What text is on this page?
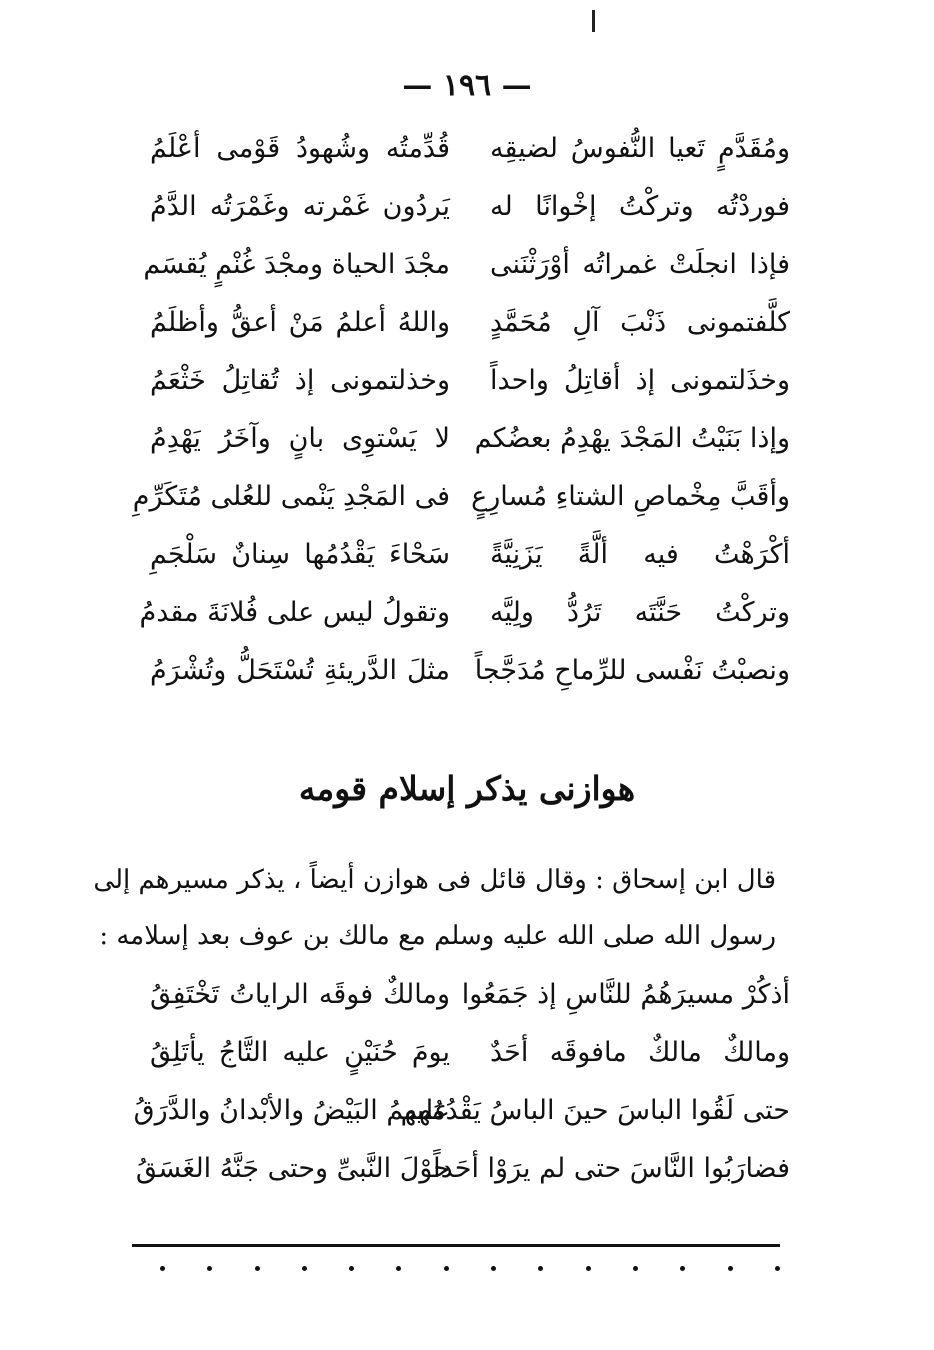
— ١٩٦ —
ومُقَدَّمٍ تَعيا النُّفوسُ لضيقِه
قُدِّمتُه وشُهودُ قَوْمى أعْلَمُ
فوردْتُه وتركْتُ إخْوانًا له
يَردُون غَمْرته وغَمْرَتُه الدَّمُ
فإذا انجلَتْ غمراتُه أوْرَثْنَنى
مجْدَ الحياة ومجْدَ غُنْمٍ يُقسَم
كلَّفتمونى ذَنْبَ آلِ مُحَمَّدٍ
واللهُ أعلمُ مَنْ أعقُّ وأظلَمُ
وخذَلتمونى إذ أقاتِلُ واحداً
وخذلتمونى إذ تُقاتِلُ خَثْعَمُ
وإذا بَنَيْتُ المَجْدَ يهْدِمُ بعضُكم
لا يَسْتوِى بانٍ وآخَرُ يَهْدِمُ
وأقَبَّ مِخْماصِ الشتاءِ مُسارِعٍ
فى المَجْدِ يَنْمى للعُلى مُتَكَرِّمِ
أكْرَهْتُ فيه ألَّةً يَزَنِيَّةً
سَحْاءَ يَقْدُمُها سِنانٌ سَلْجَمِ
وتركْتُ حَنَّتَه تَرُدُّ ولِيَّه
وتقولُ ليس على فُلانَةَ مقدمُ
ونصبْتُ نَفْسى للرِّماحِ مُدَجَّجاً
مثلَ الدَّريئةِ تُسْتَحَلُّ وتُشْرَمُ
هوازنى يذكر إسلام قومه
قال ابن إسحاق : وقال قائل فى هوازن أيضاً ، يذكر مسيرهم إلى
رسول الله صلى الله عليه وسلم مع مالك بن عوف بعد إسلامه :
أذكُرْ مسيرَهُمُ للنَّاسِ إذ جَمَعُوا
ومالكٌ فوقَه الراياتُ تَخْتَفِقُ
ومالكٌ مالكٌ مافوقَه أحَدٌ
يومَ حُنَيْنٍ عليه التَّاجُ يأتَلِقُ
حتى لَقُوا الباسَ حينَ الباسُ يَقْدُمُهم
عليهمُ البَيْضُ والأبْدانُ والدَّرَقُ
فضارَبُوا النَّاسَ حتى لم يرَوْا أحَداً
حوْلَ النَّبىِّ وحتى جَنَّهُ الغَسَقُ
